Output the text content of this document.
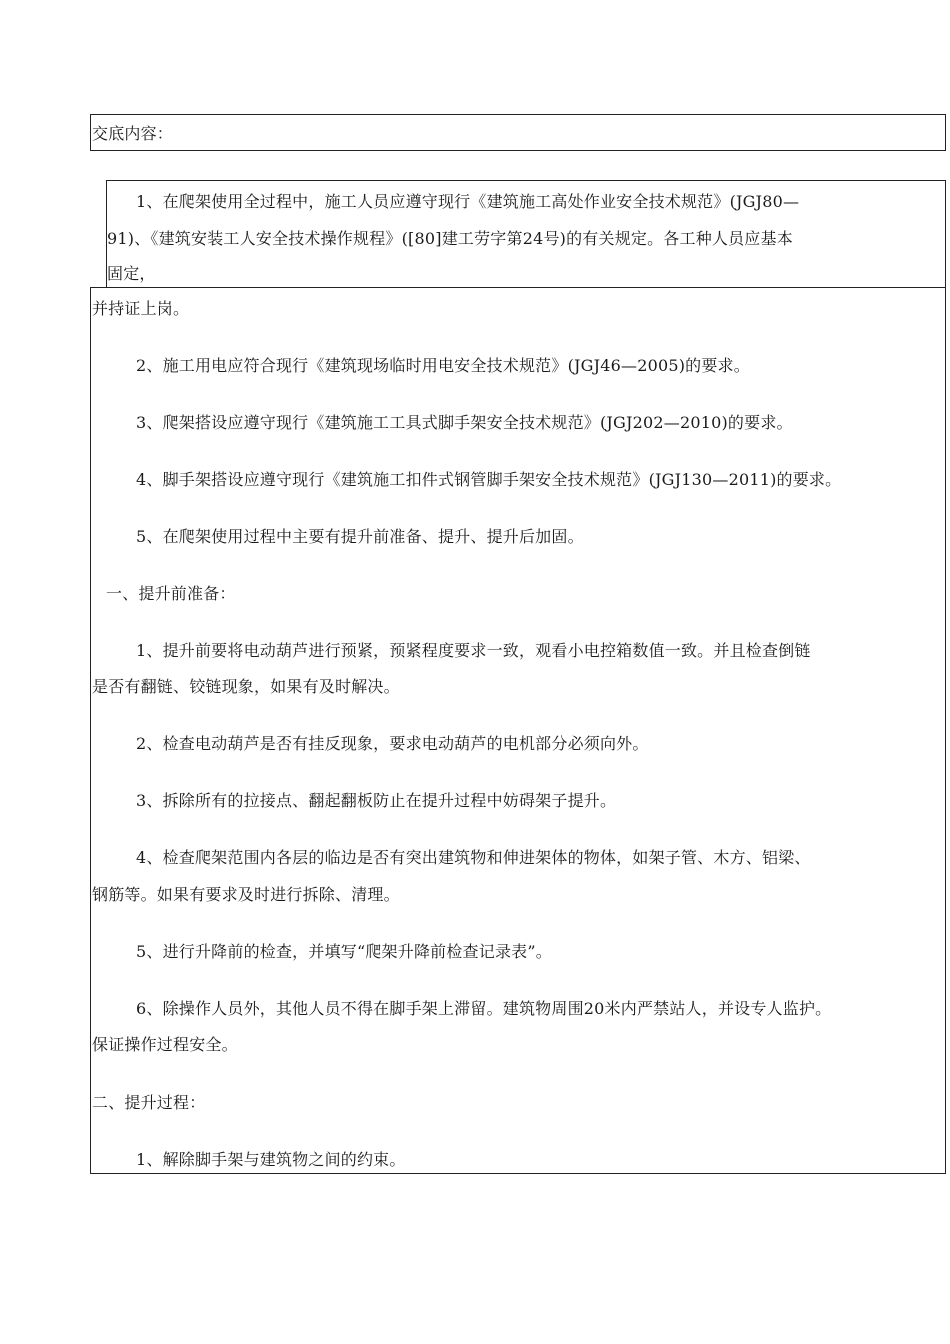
交底内容：
1、在爬架使用全过程中，施工人员应遵守现行《建筑施工高处作业安全技术规范》(JGJ80—
91)、《建筑安装工人安全技术操作规程》([80]建工劳字第24号)的有关规定。各工种人员应基本
固定，
并持证上岗。
2、施工用电应符合现行《建筑现场临时用电安全技术规范》(JGJ46—2005)的要求。
3、爬架搭设应遵守现行《建筑施工工具式脚手架安全技术规范》(JGJ202—2010)的要求。
4、脚手架搭设应遵守现行《建筑施工扣件式钢管脚手架安全技术规范》(JGJ130—2011)的要求。
5、在爬架使用过程中主要有提升前准备、提升、提升后加固。
一、提升前准备：
1、提升前要将电动葫芦进行预紧，预紧程度要求一致，观看小电控箱数值一致。并且检查倒链
是否有翻链、铰链现象，如果有及时解决。
2、检查电动葫芦是否有挂反现象，要求电动葫芦的电机部分必须向外。
3、拆除所有的拉接点、翻起翻板防止在提升过程中妨碍架子提升。
4、检查爬架范围内各层的临边是否有突出建筑物和伸进架体的物体，如架子管、木方、铝梁、
钢筋等。如果有要求及时进行拆除、清理。
5、进行升降前的检查，并填写“爬架升降前检查记录表”。
6、除操作人员外，其他人员不得在脚手架上滞留。建筑物周围20米内严禁站人，并设专人监护。
保证操作过程安全。
二、提升过程：
1、解除脚手架与建筑物之间的约束。
